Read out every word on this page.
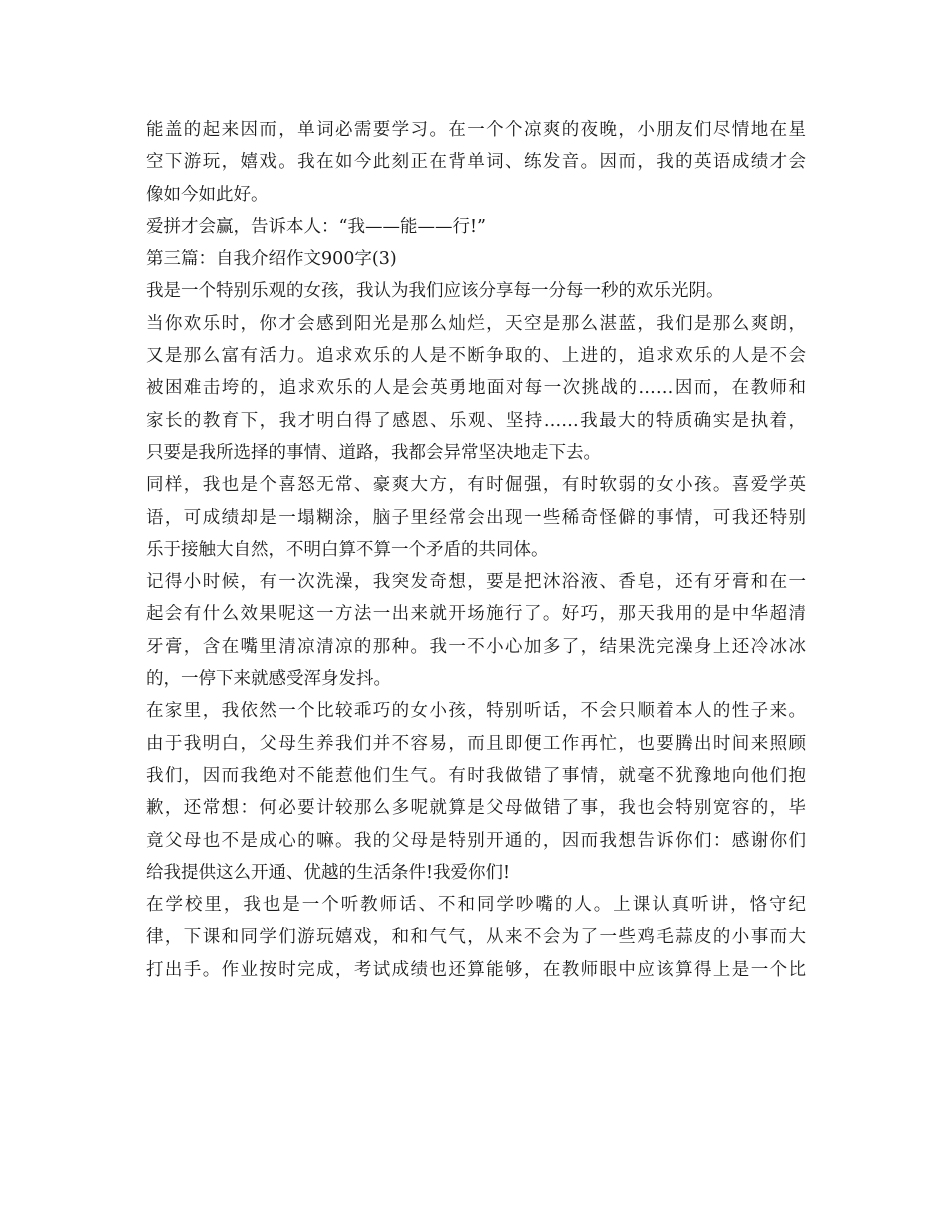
能盖的起来因而，单词必需要学习。在一个个凉爽的夜晚，小朋友们尽情地在星
空下游玩，嬉戏。我在如今此刻正在背单词、练发音。因而，我的英语成绩才会
像如今如此好。
爱拼才会赢，告诉本人：“我——能——行!”
第三篇：自我介绍作文900字(3)
我是一个特别乐观的女孩，我认为我们应该分享每一分每一秒的欢乐光阴。
当你欢乐时，你才会感到阳光是那么灿烂，天空是那么湛蓝，我们是那么爽朗，
又是那么富有活力。追求欢乐的人是不断争取的、上进的，追求欢乐的人是不会
被困难击垮的，追求欢乐的人是会英勇地面对每一次挑战的……因而，在教师和
家长的教育下，我才明白得了感恩、乐观、坚持……我最大的特质确实是执着，
只要是我所选择的事情、道路，我都会异常坚决地走下去。
同样，我也是个喜怒无常、豪爽大方，有时倔强，有时软弱的女小孩。喜爱学英
语，可成绩却是一塌糊涂，脑子里经常会出现一些稀奇怪僻的事情，可我还特别
乐于接触大自然，不明白算不算一个矛盾的共同体。
记得小时候，有一次洗澡，我突发奇想，要是把沐浴液、香皂，还有牙膏和在一
起会有什么效果呢这一方法一出来就开场施行了。好巧，那天我用的是中华超清
牙膏，含在嘴里清凉清凉的那种。我一不小心加多了，结果洗完澡身上还冷冰冰
的，一停下来就感受浑身发抖。
在家里，我依然一个比较乖巧的女小孩，特别听话，不会只顺着本人的性子来。
由于我明白，父母生养我们并不容易，而且即便工作再忙，也要腾出时间来照顾
我们，因而我绝对不能惹他们生气。有时我做错了事情，就毫不犹豫地向他们抱
歉，还常想：何必要计较那么多呢就算是父母做错了事，我也会特别宽容的，毕
竟父母也不是成心的嘛。我的父母是特别开通的，因而我想告诉你们：感谢你们
给我提供这么开通、优越的生活条件!我爱你们!
在学校里，我也是一个听教师话、不和同学吵嘴的人。上课认真听讲，恪守纪
律，下课和同学们游玩嬉戏，和和气气，从来不会为了一些鸡毛蒜皮的小事而大
打出手。作业按时完成，考试成绩也还算能够，在教师眼中应该算得上是一个比
